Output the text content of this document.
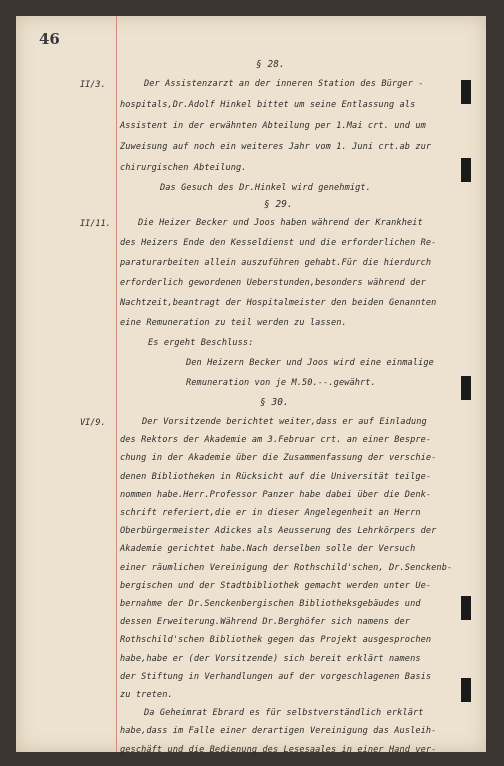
46
§ 28.
II/3.	Der Assistenzarzt an der inneren Station des Bürger -
hospitals,Dr.Adolf Hinkel bittet um seine Entlassung als
Assistent in der erwähnten Abteilung per 1.Mai crt. und um
Zuweisung auf noch ein weiteres Jahr vom 1. Juni crt.ab zur
chirurgischen Abteilung.
Das Gesuch des Dr.Hinkel wird genehmigt.
§ 29.
II/11.	Die Heizer Becker und Joos haben während der Krankheit
des Heizers Ende den Kesseldienst und die erforderlichen Re-
paraturarbeiten allein auszuführen gehabt.Für die hierdurch
erforderlich gewordenen Ueberstunden,besonders während der
Nachtzeit,beantragt der Hospitalmeister den beiden Genannten
eine Remuneration zu teil werden zu lassen.
Es ergeht Beschluss:
Den Heizern Becker und Joos wird eine einmalige
Remuneration von je M.50.--.gewährt.
§ 30.
VI/9.	Der Vorsitzende berichtet weiter,dass er auf Einladung
des Rektors der Akademie am 3.Februar crt. an einer Bespre-
chung in der Akademie über die Zusammenfassung der verschie-
denen Bibliotheken in Rücksicht auf die Universität teilge-
nommen habe.Herr.Professor Panzer habe dabei über die Denk-
schrift referiert,die er in dieser Angelegenheit an Herrn
Oberbürgermeister Adickes als Aeusserung des Lehrkörpers der
Akademie gerichtet habe.Nach derselben solle der Versuch
einer räumlichen Vereinigung der Rothschild'schen, Dr.Senckenb-
bergischen und der Stadtbibliothek gemacht werden unter Ue-
bernahme der Dr.Senckenbergischen Bibliotheksgebäudes und
dessen Erweiterung.Während Dr.Berghöfer sich namens der
Rothschild'schen Bibliothek gegen das Projekt ausgesprochen
habe,habe er (der Vorsitzende) sich bereit erklärt namens
der Stiftung in Verhandlungen auf der vorgeschlagenen Basis
zu treten.
Da Geheimrat Ebrard es für selbstverständlich erklärt
habe,dass im Falle einer derartigen Vereinigung das Ausleih-
geschäft und die Bedienung des Lesesaales in einer Hand ver-
